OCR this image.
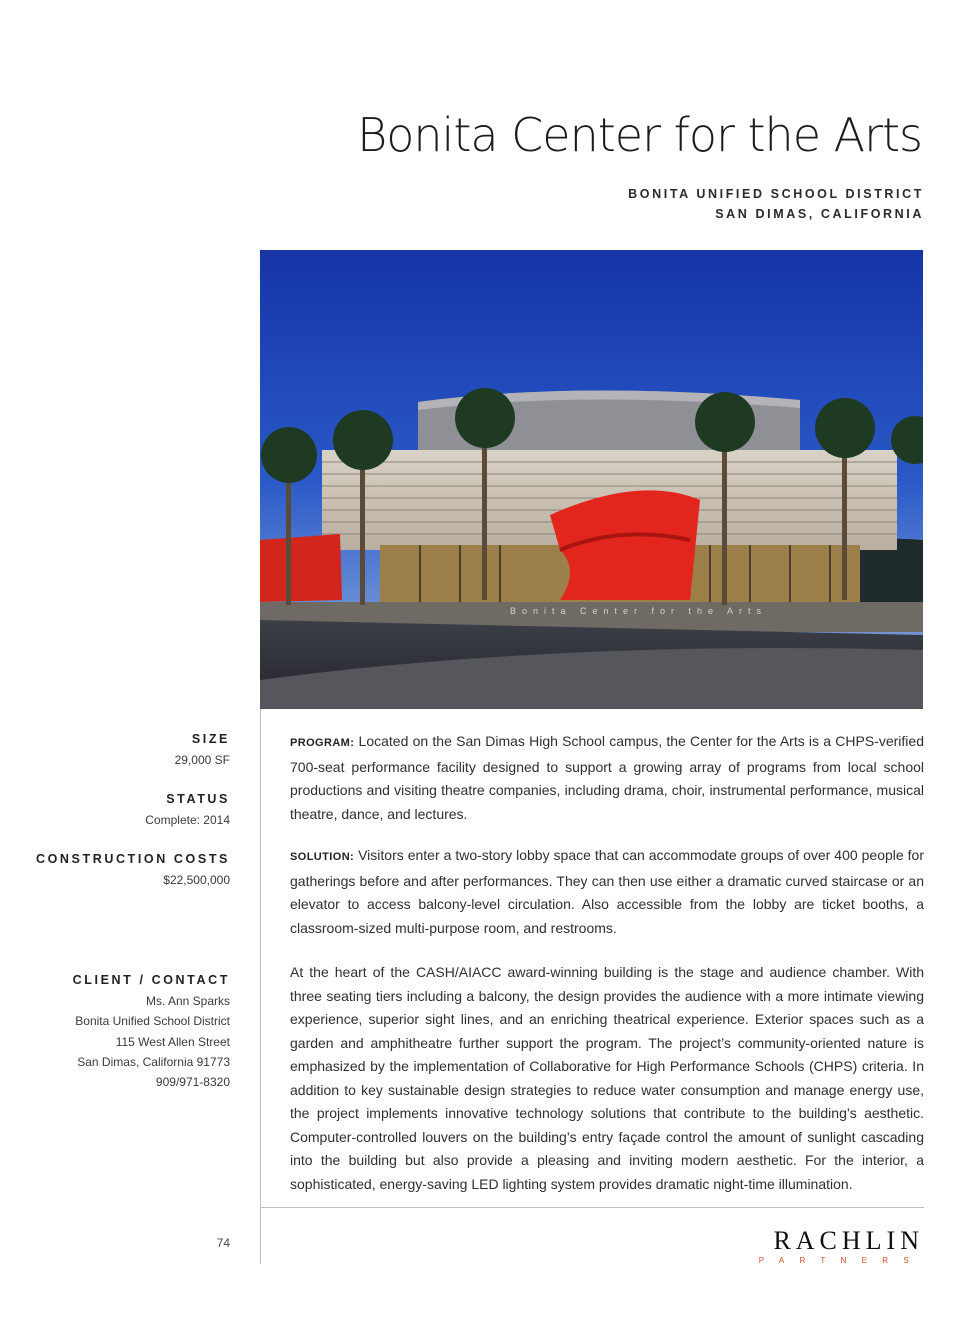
Bonita Center for the Arts
BONITA UNIFIED SCHOOL DISTRICT
SAN DIMAS, CALIFORNIA
Bonita Center for the Arts
SIZE
29,000 SF
STATUS
Complete: 2014
CONSTRUCTION COSTS
$22,500,000
CLIENT / CONTACT
Ms. Ann Sparks
Bonita Unified School District
115 West Allen Street
San Dimas, California 91773
909/971-8320
PROGRAM: Located on the San Dimas High School campus, the Center for the Arts is a CHPS-verified 700-seat performance facility designed to support a growing array of programs from local school productions and visiting theatre companies, including drama, choir, instrumental performance, musical theatre, dance, and lectures.
SOLUTION: Visitors enter a two-story lobby space that can accommodate groups of over 400 people for gatherings before and after performances. They can then use either a dramatic curved staircase or an elevator to access balcony-level circulation. Also accessible from the lobby are ticket booths, a classroom-sized multi-purpose room, and restrooms.
At the heart of the CASH/AIACC award-winning building is the stage and audience chamber. With three seating tiers including a balcony, the design provides the audience with a more intimate viewing experience, superior sight lines, and an enriching theatrical experience. Exterior spaces such as a garden and amphitheatre further support the program. The project’s community-oriented nature is emphasized by the implementation of Collaborative for High Performance Schools (CHPS) criteria. In addition to key sustainable design strategies to reduce water consumption and manage energy use, the project implements innovative technology solutions that contribute to the building’s aesthetic. Computer-controlled louvers on the building’s entry façade control the amount of sunlight cascading into the building but also provide a pleasing and inviting modern aesthetic. For the interior, a sophisticated, energy-saving LED lighting system provides dramatic night-time illumination.
74	RACHLIN
PARTNERS
